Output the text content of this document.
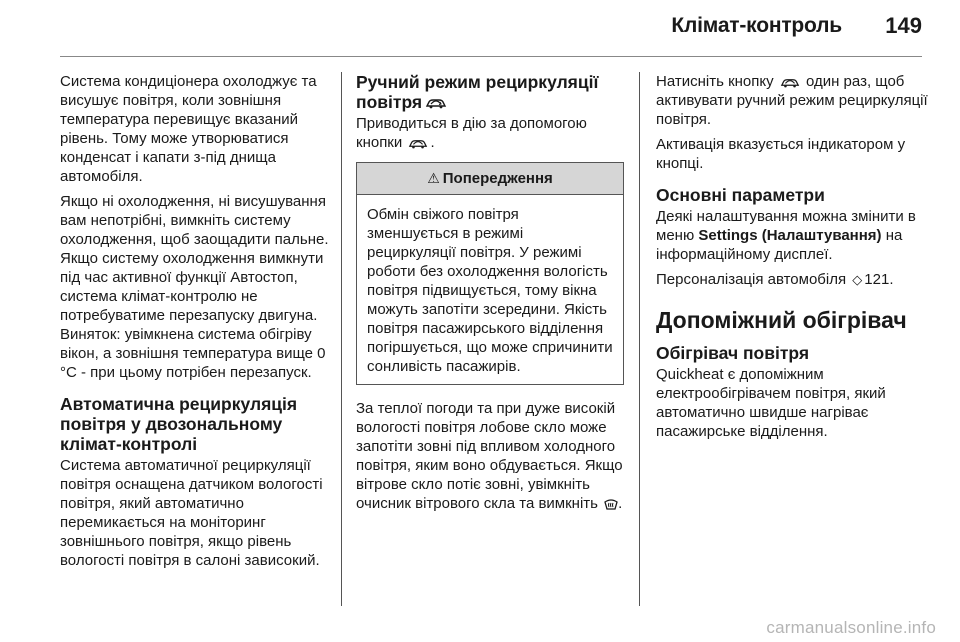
Клімат-контроль 149

Система кондиціонера охолоджує та висушує повітря, коли зовнішня температура перевищує вказаний рівень. Тому може утворюватися конденсат і капати з-під днища автомобіля.

Якщо ні охолодження, ні висушування вам непотрібні, вимкніть систему охолодження, щоб заощадити пальне. Якщо систему охолодження вимкнути під час активної функції Автостоп, система клімат-контролю не потребуватиме перезапуску двигуна. Виняток: увімкнена система обігріву вікон, а зовнішня температура вище 0 °C - при цьому потрібен перезапуск.

Автоматична рециркуляція повітря у двозональному клімат-контролі

Система автоматичної рециркуляції повітря оснащена датчиком вологості повітря, який автоматично перемикається на моніторинг зовнішнього повітря, якщо рівень вологості повітря в салоні зависокий.

Ручний режим рециркуляції повітря

Приводиться в дію за допомогою кнопки .

⚠ Попередження
Обмін свіжого повітря зменшується в режимі рециркуляції повітря. У режимі роботи без охолодження вологість повітря підвищується, тому вікна можуть запотіти зсередини. Якість повітря пасажирського відділення погіршується, що може спричинити сонливість пасажирів.

За теплої погоди та при дуже високій вологості повітря лобове скло може запотіти зовні під впливом холодного повітря, яким воно обдувається. Якщо вітрове скло потіє зовні, увімкніть очисник вітрового скла та вимкніть .

Натисніть кнопку один раз, щоб активувати ручний режим рециркуляції повітря.

Активація вказується індикатором у кнопці.

Основні параметри

Деякі налаштування можна змінити в меню Settings (Налаштування) на інформаційному дисплеї.

Персоналізація автомобіля ◇ 121.

Допоміжний обігрівач
Обігрівач повітря

Quickheat є допоміжним електрообігрівачем повітря, який автоматично швидше нагріває пасажирське відділення.

carmanualsonline.info
